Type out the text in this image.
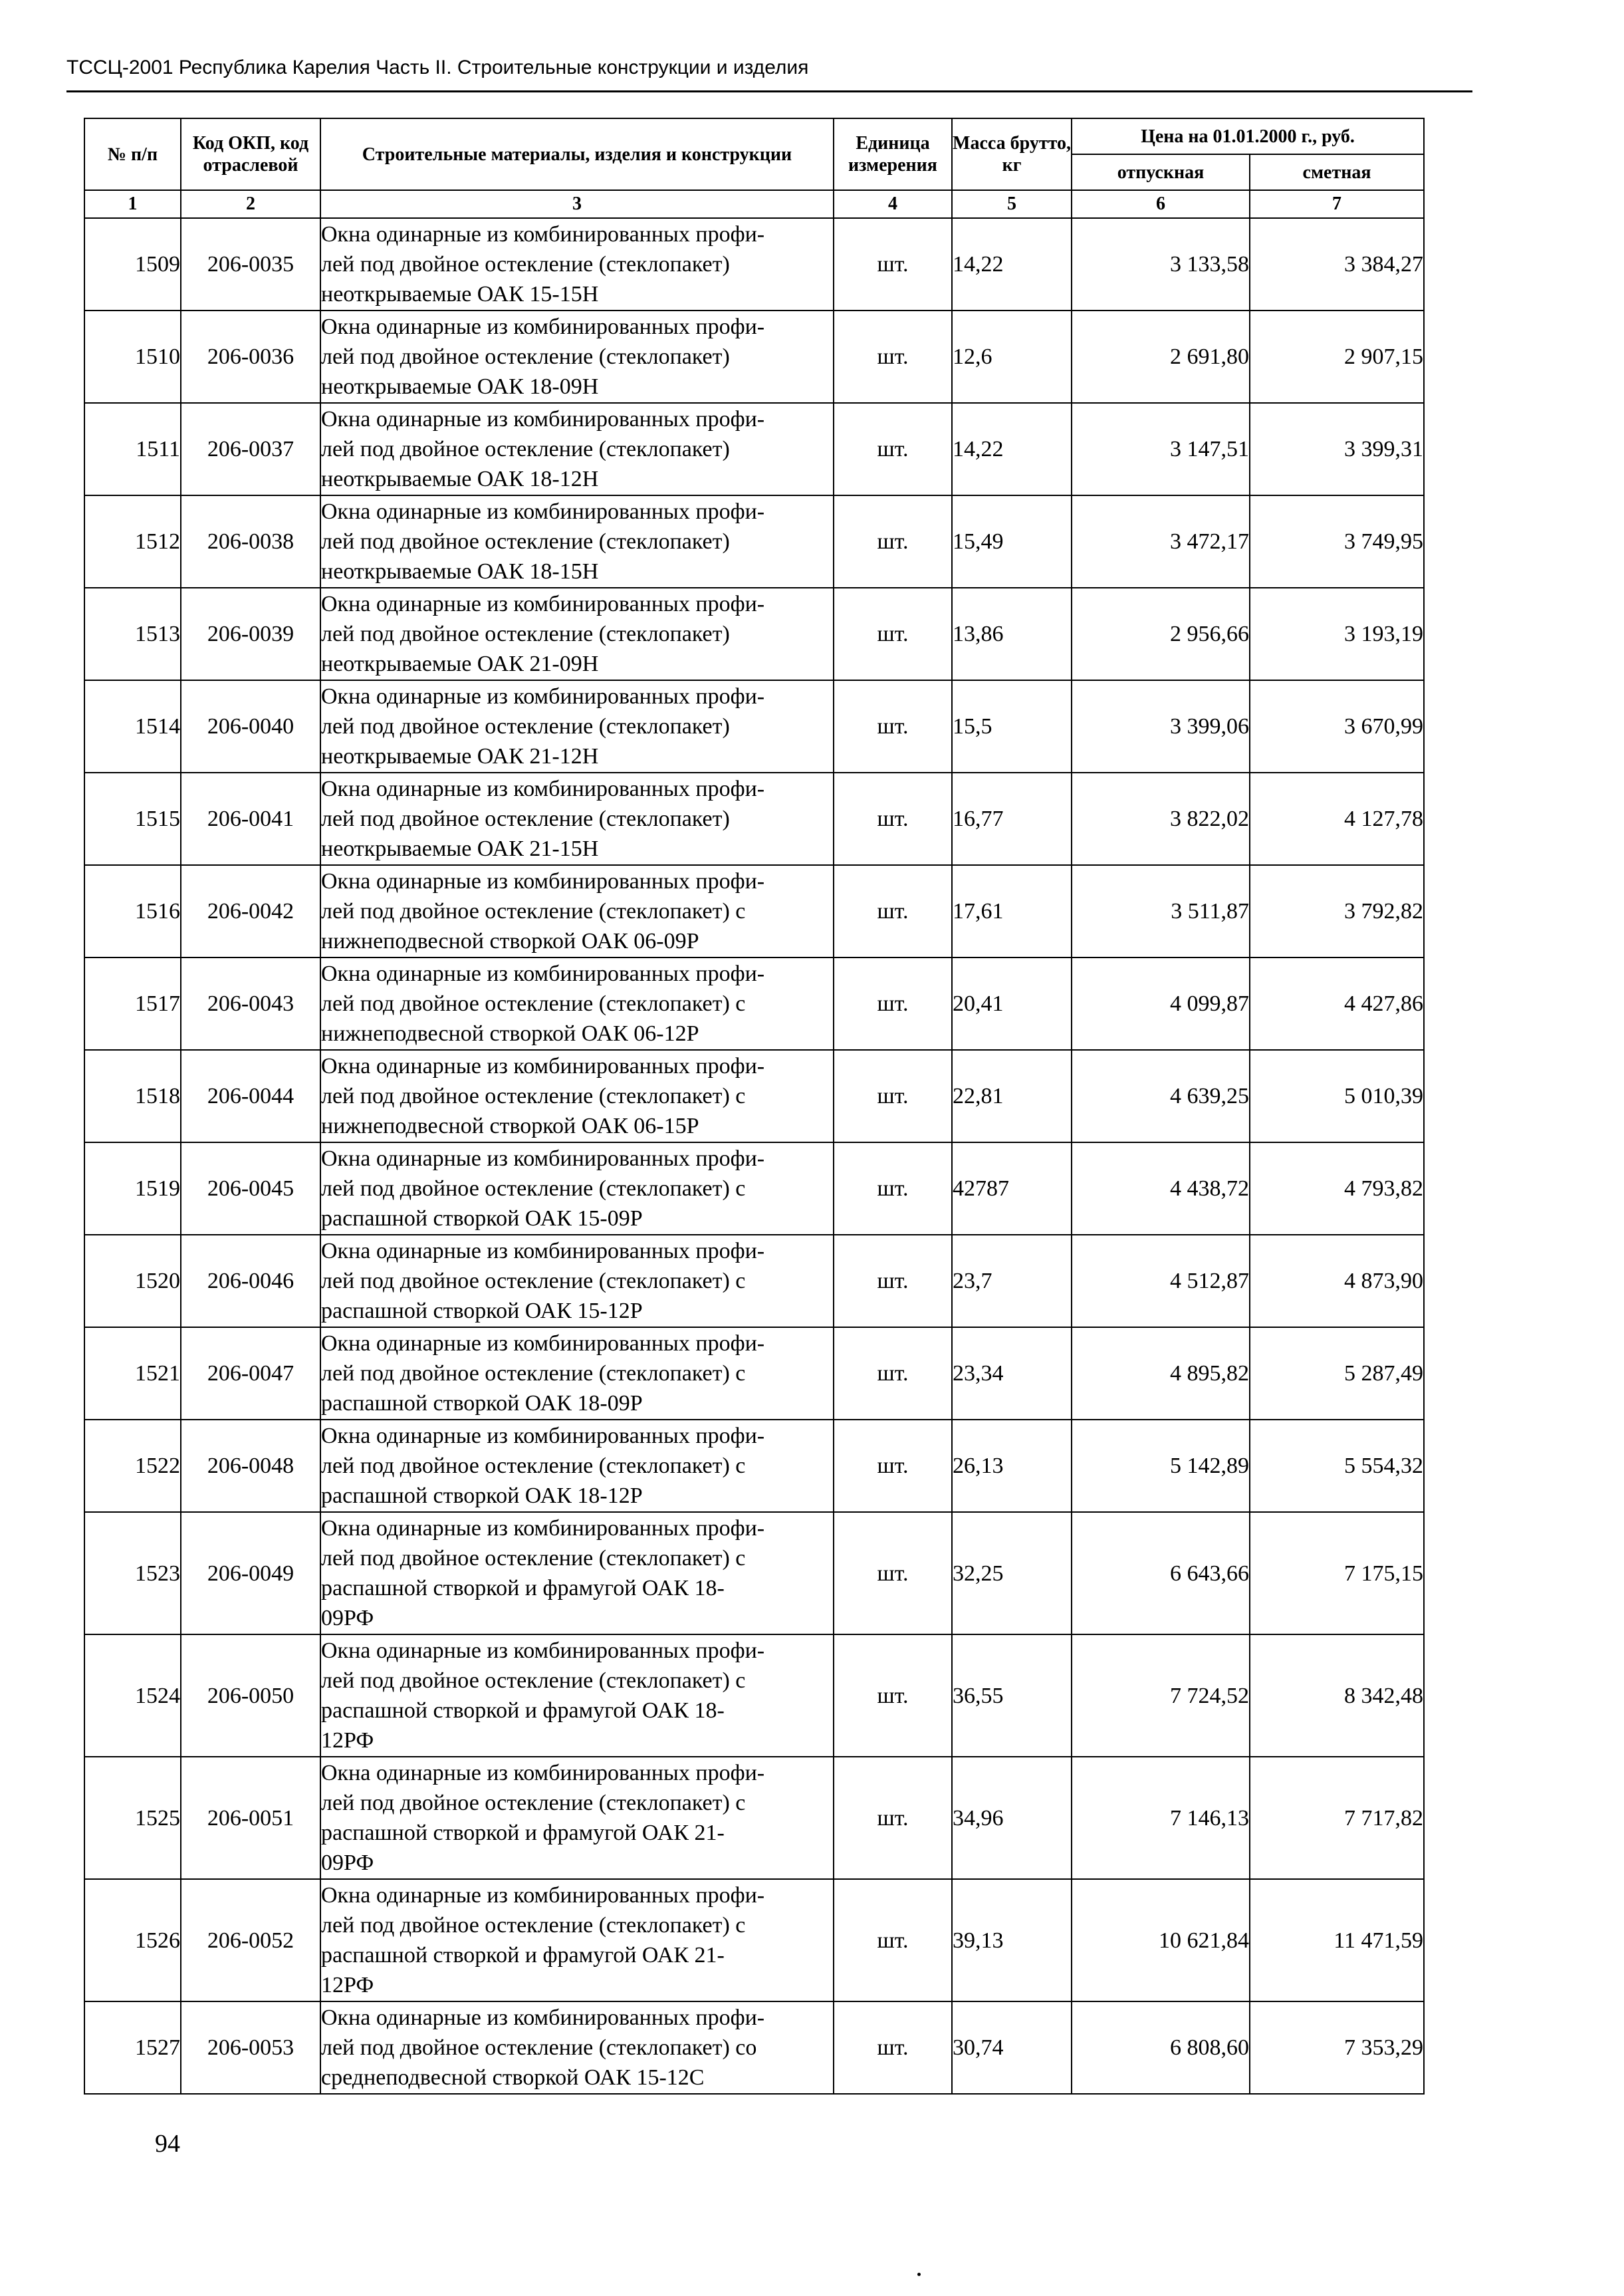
ТССЦ-2001 Республика Карелия Часть II. Строительные конструкции и изделия
№ п/п	Код ОКП, код отраслевой	Строительные материалы, изделия и конструкции	Единица измерения	Масса брутто, кг	Цена на 01.01.2000 г., руб.	
					отпускная	сметная
1	2	3	4	5	6	7
1509	206-0035	Окна одинарные из комбинированных профи-
лей под двойное остекление (стеклопакет)
неоткрываемые ОАК 15-15Н	шт.	14,22	3 133,58	3 384,27
1510	206-0036	Окна одинарные из комбинированных профи-
лей под двойное остекление (стеклопакет)
неоткрываемые ОАК 18-09Н	шт.	12,6	2 691,80	2 907,15
1511	206-0037	Окна одинарные из комбинированных профи-
лей под двойное остекление (стеклопакет)
неоткрываемые ОАК 18-12Н	шт.	14,22	3 147,51	3 399,31
1512	206-0038	Окна одинарные из комбинированных профи-
лей под двойное остекление (стеклопакет)
неоткрываемые ОАК 18-15Н	шт.	15,49	3 472,17	3 749,95
1513	206-0039	Окна одинарные из комбинированных профи-
лей под двойное остекление (стеклопакет)
неоткрываемые ОАК 21-09Н	шт.	13,86	2 956,66	3 193,19
1514	206-0040	Окна одинарные из комбинированных профи-
лей под двойное остекление (стеклопакет)
неоткрываемые ОАК 21-12Н	шт.	15,5	3 399,06	3 670,99
1515	206-0041	Окна одинарные из комбинированных профи-
лей под двойное остекление (стеклопакет)
неоткрываемые ОАК 21-15Н	шт.	16,77	3 822,02	4 127,78
1516	206-0042	Окна одинарные из комбинированных профи-
лей под двойное остекление (стеклопакет) с
нижнеподвесной створкой ОАК 06-09Р	шт.	17,61	3 511,87	3 792,82
1517	206-0043	Окна одинарные из комбинированных профи-
лей под двойное остекление (стеклопакет) с
нижнеподвесной створкой ОАК 06-12Р	шт.	20,41	4 099,87	4 427,86
1518	206-0044	Окна одинарные из комбинированных профи-
лей под двойное остекление (стеклопакет) с
нижнеподвесной створкой ОАК 06-15Р	шт.	22,81	4 639,25	5 010,39
1519	206-0045	Окна одинарные из комбинированных профи-
лей под двойное остекление (стеклопакет) с
распашной створкой ОАК 15-09Р	шт.	42787	4 438,72	4 793,82
1520	206-0046	Окна одинарные из комбинированных профи-
лей под двойное остекление (стеклопакет) с
распашной створкой ОАК 15-12Р	шт.	23,7	4 512,87	4 873,90
1521	206-0047	Окна одинарные из комбинированных профи-
лей под двойное остекление (стеклопакет) с
распашной створкой ОАК 18-09Р	шт.	23,34	4 895,82	5 287,49
1522	206-0048	Окна одинарные из комбинированных профи-
лей под двойное остекление (стеклопакет) с
распашной створкой ОАК 18-12Р	шт.	26,13	5 142,89	5 554,32
1523	206-0049	Окна одинарные из комбинированных профи-
лей под двойное остекление (стеклопакет) с
распашной створкой и фрамугой ОАК 18-
09РФ	шт.	32,25	6 643,66	7 175,15
1524	206-0050	Окна одинарные из комбинированных профи-
лей под двойное остекление (стеклопакет) с
распашной створкой и фрамугой ОАК 18-
12РФ	шт.	36,55	7 724,52	8 342,48
1525	206-0051	Окна одинарные из комбинированных профи-
лей под двойное остекление (стеклопакет) с
распашной створкой и фрамугой ОАК 21-
09РФ	шт.	34,96	7 146,13	7 717,82
1526	206-0052	Окна одинарные из комбинированных профи-
лей под двойное остекление (стеклопакет) с
распашной створкой и фрамугой ОАК 21-
12РФ	шт.	39,13	10 621,84	11 471,59
1527	206-0053	Окна одинарные из комбинированных профи-
лей под двойное остекление (стеклопакет) со
среднеподвесной створкой ОАК 15-12С	шт.	30,74	6 808,60	7 353,29
94
